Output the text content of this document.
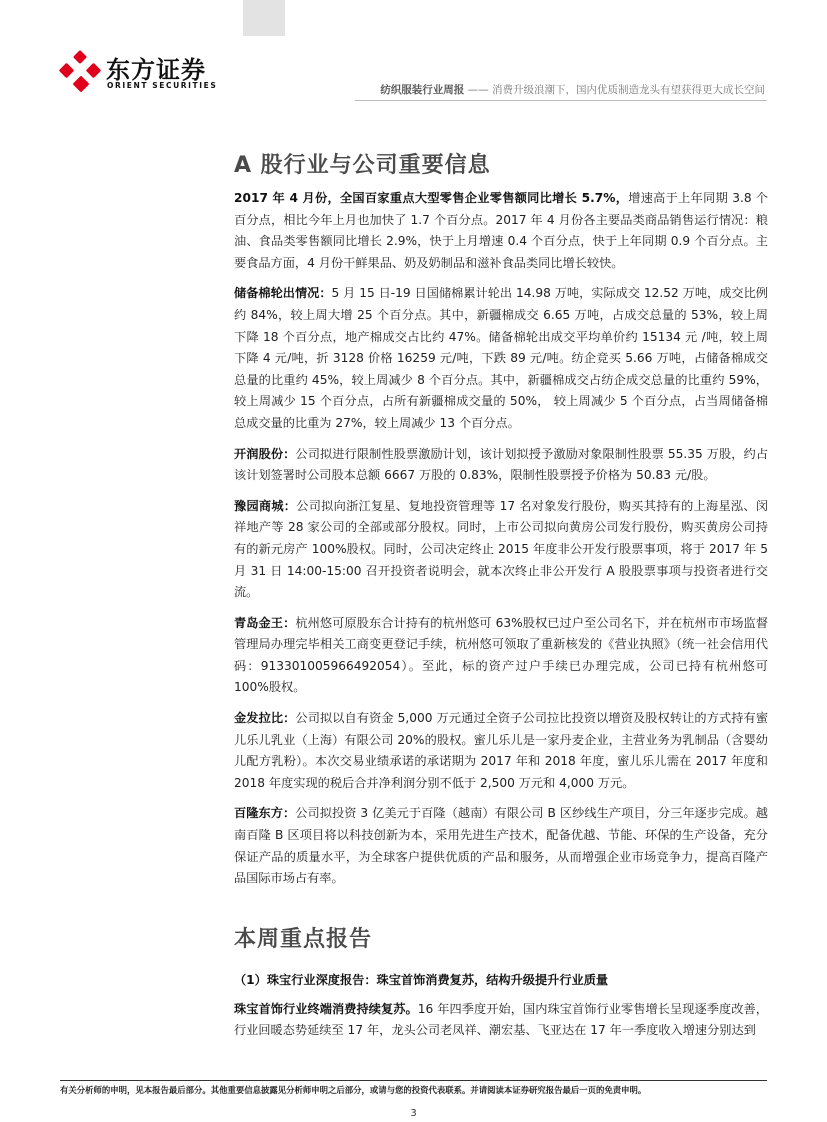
东方证券
ORIENT SECURITIES	纺织服装行业周报 —— 消费升级浪潮下，国内优质制造龙头有望获得更大成长空间
A 股行业与公司重要信息

2017 年 4 月份，全国百家重点大型零售企业零售额同比增长 5.7%，增速高于上年同期 3.8 个百分点，相比今年上月也加快了 1.7 个百分点。2017 年 4 月份各主要品类商品销售运行情况：粮油、食品类零售额同比增长 2.9%，快于上月增速 0.4 个百分点，快于上年同期 0.9 个百分点。主要食品方面，4 月份干鲜果品、奶及奶制品和滋补食品类同比增长较快。

储备棉轮出情况：5 月 15 日-19 日国储棉累计轮出 14.98 万吨，实际成交 12.52 万吨，成交比例约 84%，较上周大增 25 个百分点。其中，新疆棉成交 6.65 万吨，占成交总量的 53%，较上周下降 18 个百分点，地产棉成交占比约 47%。储备棉轮出成交平均单价约 15134 元 /吨，较上周下降 4 元/吨，折 3128 价格 16259 元/吨，下跌 89 元/吨。纺企竞买 5.66 万吨，占储备棉成交总量的比重约 45%，较上周减少 8 个百分点。其中，新疆棉成交占纺企成交总量的比重约 59%，较上周减少 15 个百分点，占所有新疆棉成交量的 50%， 较上周减少 5 个百分点，占当周储备棉总成交量的比重为 27%，较上周减少 13 个百分点。

开润股份：公司拟进行限制性股票激励计划，该计划拟授予激励对象限制性股票 55.35 万股，约占该计划签署时公司股本总额 6667 万股的 0.83%，限制性股票授予价格为 50.83 元/股。

豫园商城：公司拟向浙江复星、复地投资管理等 17 名对象发行股份，购买其持有的上海星泓、闵祥地产等 28 家公司的全部或部分股权。同时，上市公司拟向黄房公司发行股份，购买黄房公司持有的新元房产 100%股权。同时，公司决定终止 2015 年度非公开发行股票事项，将于 2017 年 5 月 31 日 14:00-15:00 召开投资者说明会，就本次终止非公开发行 A 股股票事项与投资者进行交流。

青岛金王：杭州悠可原股东合计持有的杭州悠可 63%股权已过户至公司名下，并在杭州市市场监督管理局办理完毕相关工商变更登记手续，杭州悠可领取了重新核发的《营业执照》（统一社会信用代码：913301005966492054）。至此，标的资产过户手续已办理完成，公司已持有杭州悠可 100%股权。

金发拉比：公司拟以自有资金 5,000 万元通过全资子公司拉比投资以增资及股权转让的方式持有蜜儿乐儿乳业（上海）有限公司 20%的股权。蜜儿乐儿是一家丹麦企业，主营业务为乳制品（含婴幼儿配方乳粉）。本次交易业绩承诺的承诺期为 2017 年和 2018 年度，蜜儿乐儿需在 2017 年度和 2018 年度实现的税后合并净利润分别不低于 2,500 万元和 4,000 万元。

百隆东方：公司拟投资 3 亿美元于百隆（越南）有限公司 B 区纱线生产项目，分三年逐步完成。越南百隆 B 区项目将以科技创新为本，采用先进生产技术，配备优越、节能、环保的生产设备，充分保证产品的质量水平，为全球客户提供优质的产品和服务，从而增强企业市场竞争力，提高百隆产品国际市场占有率。

本周重点报告
（1）珠宝行业深度报告：珠宝首饰消费复苏，结构升级提升行业质量

珠宝首饰行业终端消费持续复苏。16 年四季度开始，国内珠宝首饰行业零售增长呈现逐季度改善，行业回暖态势延续至 17 年，龙头公司老凤祥、潮宏基、飞亚达在 17 年一季度收入增速分别达到

有关分析师的申明，见本报告最后部分。其他重要信息披露见分析师申明之后部分，或请与您的投资代表联系。并请阅读本证券研究报告最后一页的免责申明。
3
